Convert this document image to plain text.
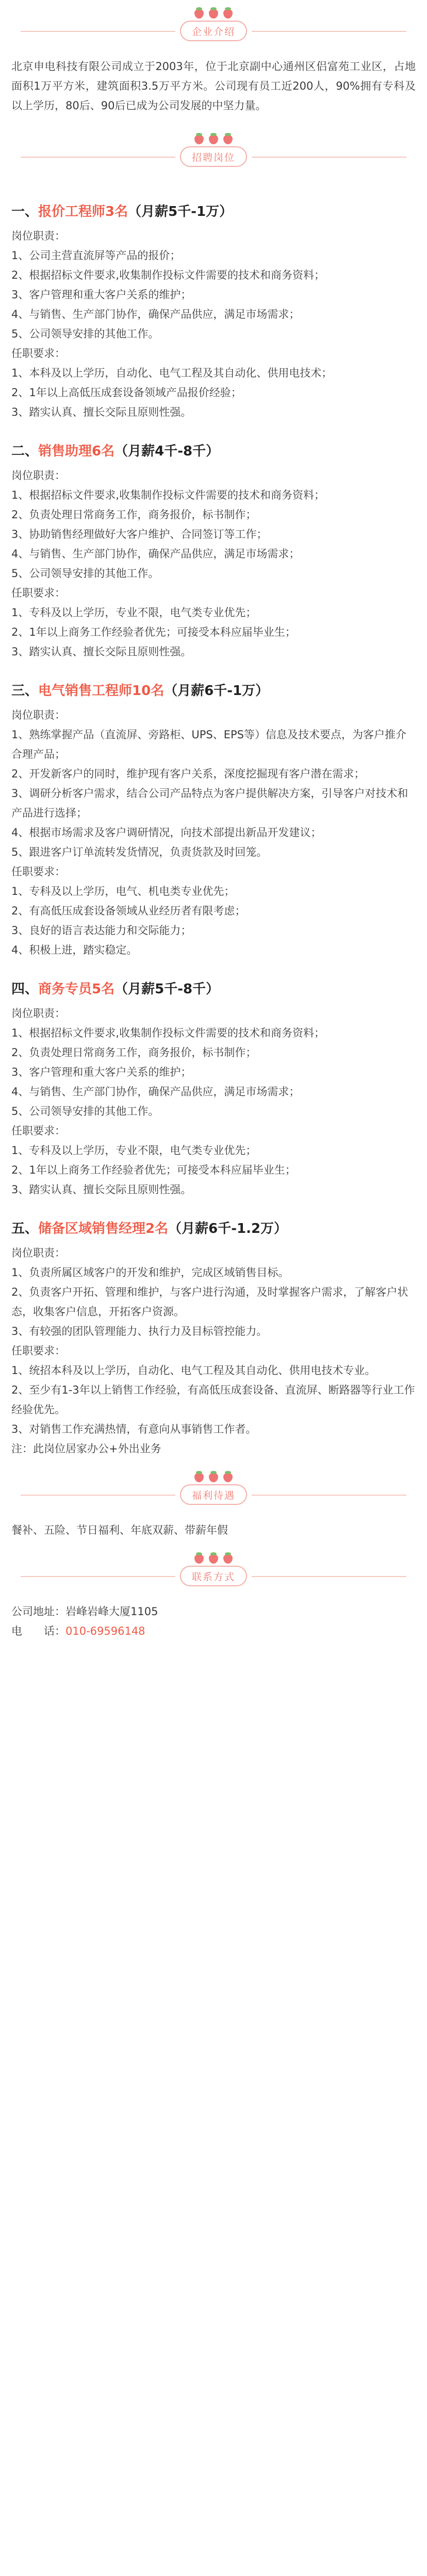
企业介绍

北京申电科技有限公司成立于2003年，位于北京副中心通州区侣富苑工业区，占地面积1万平方米，建筑面积3.5万平方米。公司现有员工近200人，90%拥有专科及以上学历，80后、90后已成为公司发展的中坚力量。

招聘岗位
一、报价工程师3名（月薪5千-1万）
岗位职责：
1、公司主营直流屏等产品的报价；
2、根据招标文件要求,收集制作投标文件需要的技术和商务资料；
3、客户管理和重大客户关系的维护；
4、与销售、生产部门协作，确保产品供应，满足市场需求；
5、公司领导安排的其他工作。
任职要求：
1、本科及以上学历，自动化、电气工程及其自动化、供用电技术；
2、1年以上高低压成套设备领域产品报价经验；
3、踏实认真、擅长交际且原则性强。
二、销售助理6名（月薪4千-8千）
岗位职责：
1、根据招标文件要求,收集制作投标文件需要的技术和商务资料；
2、负责处理日常商务工作，商务报价，标书制作；
3、协助销售经理做好大客户维护、合同签订等工作；
4、与销售、生产部门协作，确保产品供应，满足市场需求；
5、公司领导安排的其他工作。
任职要求：
1、专科及以上学历，专业不限，电气类专业优先；
2、1年以上商务工作经验者优先；可接受本科应届毕业生；
3、踏实认真、擅长交际且原则性强。
三、电气销售工程师10名（月薪6千-1万）
岗位职责：
1、熟练掌握产品（直流屏、旁路柜、UPS、EPS等）信息及技术要点，为客户推介合理产品；
2、开发新客户的同时，维护现有客户关系，深度挖掘现有客户潜在需求；
3、调研分析客户需求，结合公司产品特点为客户提供解决方案，引导客户对技术和产品进行选择；
4、根据市场需求及客户调研情况，向技术部提出新品开发建议；
5、跟进客户订单流转发货情况，负责货款及时回笼。
任职要求：
1、专科及以上学历，电气、机电类专业优先；
2、有高低压成套设备领域从业经历者有限考虑；
3、良好的语言表达能力和交际能力；
4、积极上进，踏实稳定。
四、商务专员5名（月薪5千-8千）
岗位职责：
1、根据招标文件要求,收集制作投标文件需要的技术和商务资料；
2、负责处理日常商务工作，商务报价，标书制作；
3、客户管理和重大客户关系的维护；
4、与销售、生产部门协作，确保产品供应，满足市场需求；
5、公司领导安排的其他工作。
任职要求：
1、专科及以上学历，专业不限，电气类专业优先；
2、1年以上商务工作经验者优先；可接受本科应届毕业生；
3、踏实认真、擅长交际且原则性强。
五、储备区域销售经理2名（月薪6千-1.2万）
岗位职责：
1、负责所属区域客户的开发和维护，完成区域销售目标。
2、负责客户开拓、管理和维护，与客户进行沟通，及时掌握客户需求，了解客户状态，收集客户信息，开拓客户资源。
3、有较强的团队管理能力、执行力及目标管控能力。
任职要求：
1、统招本科及以上学历，自动化、电气工程及其自动化、供用电技术专业。
2、至少有1-3年以上销售工作经验，有高低压成套设备、直流屏、断路器等行业工作经验优先。
3、对销售工作充满热情，有意向从事销售工作者。
注：此岗位居家办公+外出业务
福利待遇

餐补、五险、节日福利、年底双薪、带薪年假

联系方式
公司地址：岩峰岩峰大厦1105
电　　话：010-69596148
